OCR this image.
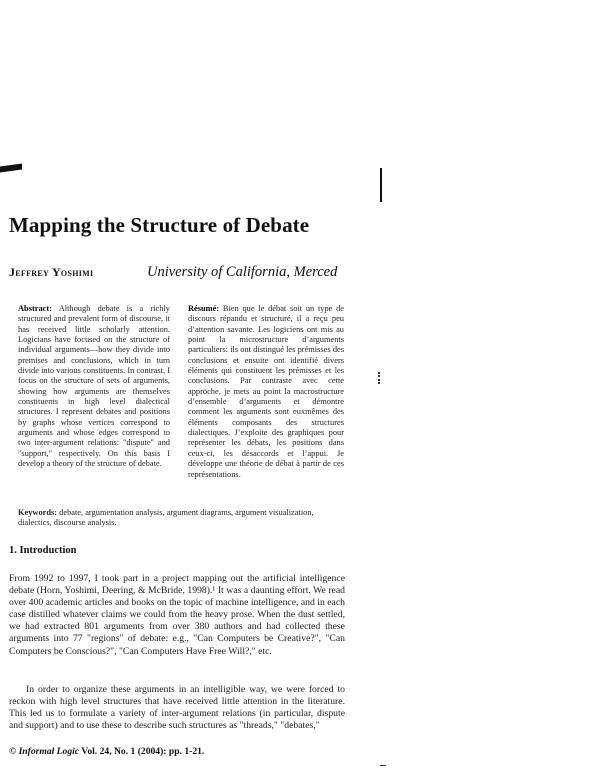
Mapping the Structure of Debate
Jeffrey Yoshimi	University of California, Merced
Abstract: Although debate is a richly structured and prevalent form of discourse, it has received little scholarly attention. Logicians have focused on the structure of individual arguments—how they divide into premises and conclusions, which in turn divide into various constituents. In contrast, I focus on the structure of sets of arguments, showing how arguments are themselves constituents in high level dialectical structures. I represent debates and positions by graphs whose vertices correspond to arguments and whose edges correspond to two inter-argument relations: "dispute" and "support," respectively. On this basis I develop a theory of the structure of debate.
Résumé: Bien que le débat soit un type de discours répandu et structuré, il a reçu peu d’attention savante. Les logiciens ont mis au point la microstructure d’arguments particuliers: ils ont distingué les prémisses des conclusions et ensuite ont identifié divers éléments qui constituent les prémisses et les conclusions. Par contraste avec cette approche, je mets au point la macrostructure d’ensemble d’arguments et démontre comment les arguments sont euxmêmes des éléments composants des structures dialectiques. J’exploite des graphiques pour représenter les débats, les positions dans ceux-ci, les désaccords et l’appui. Je développe une théorie de débat à partir de ces représentations.
Keywords: debate, argumentation analysis, argument diagrams, argument visualization, dialectics, discourse analysis.
1. Introduction
From 1992 to 1997, I took part in a project mapping out the artificial intelligence debate (Horn, Yoshimi, Deering, & McBride, 1998).¹ It was a daunting effort. We read over 400 academic articles and books on the topic of machine intelligence, and in each case distilled whatever claims we could from the heavy prose. When the dust settled, we had extracted 801 arguments from over 380 authors and had collected these arguments into 77 "regions" of debate: e.g., "Can Computers be Creative?", "Can Computers be Conscious?", "Can Computers Have Free Will?," etc.
In order to organize these arguments in an intelligible way, we were forced to reckon with high level structures that have received little attention in the literature. This led us to formulate a variety of inter-argument relations (in particular, dispute and support) and to use these to describe such structures as "threads," "debates,"
© Informal Logic Vol. 24, No. 1 (2004): pp. 1-21.
